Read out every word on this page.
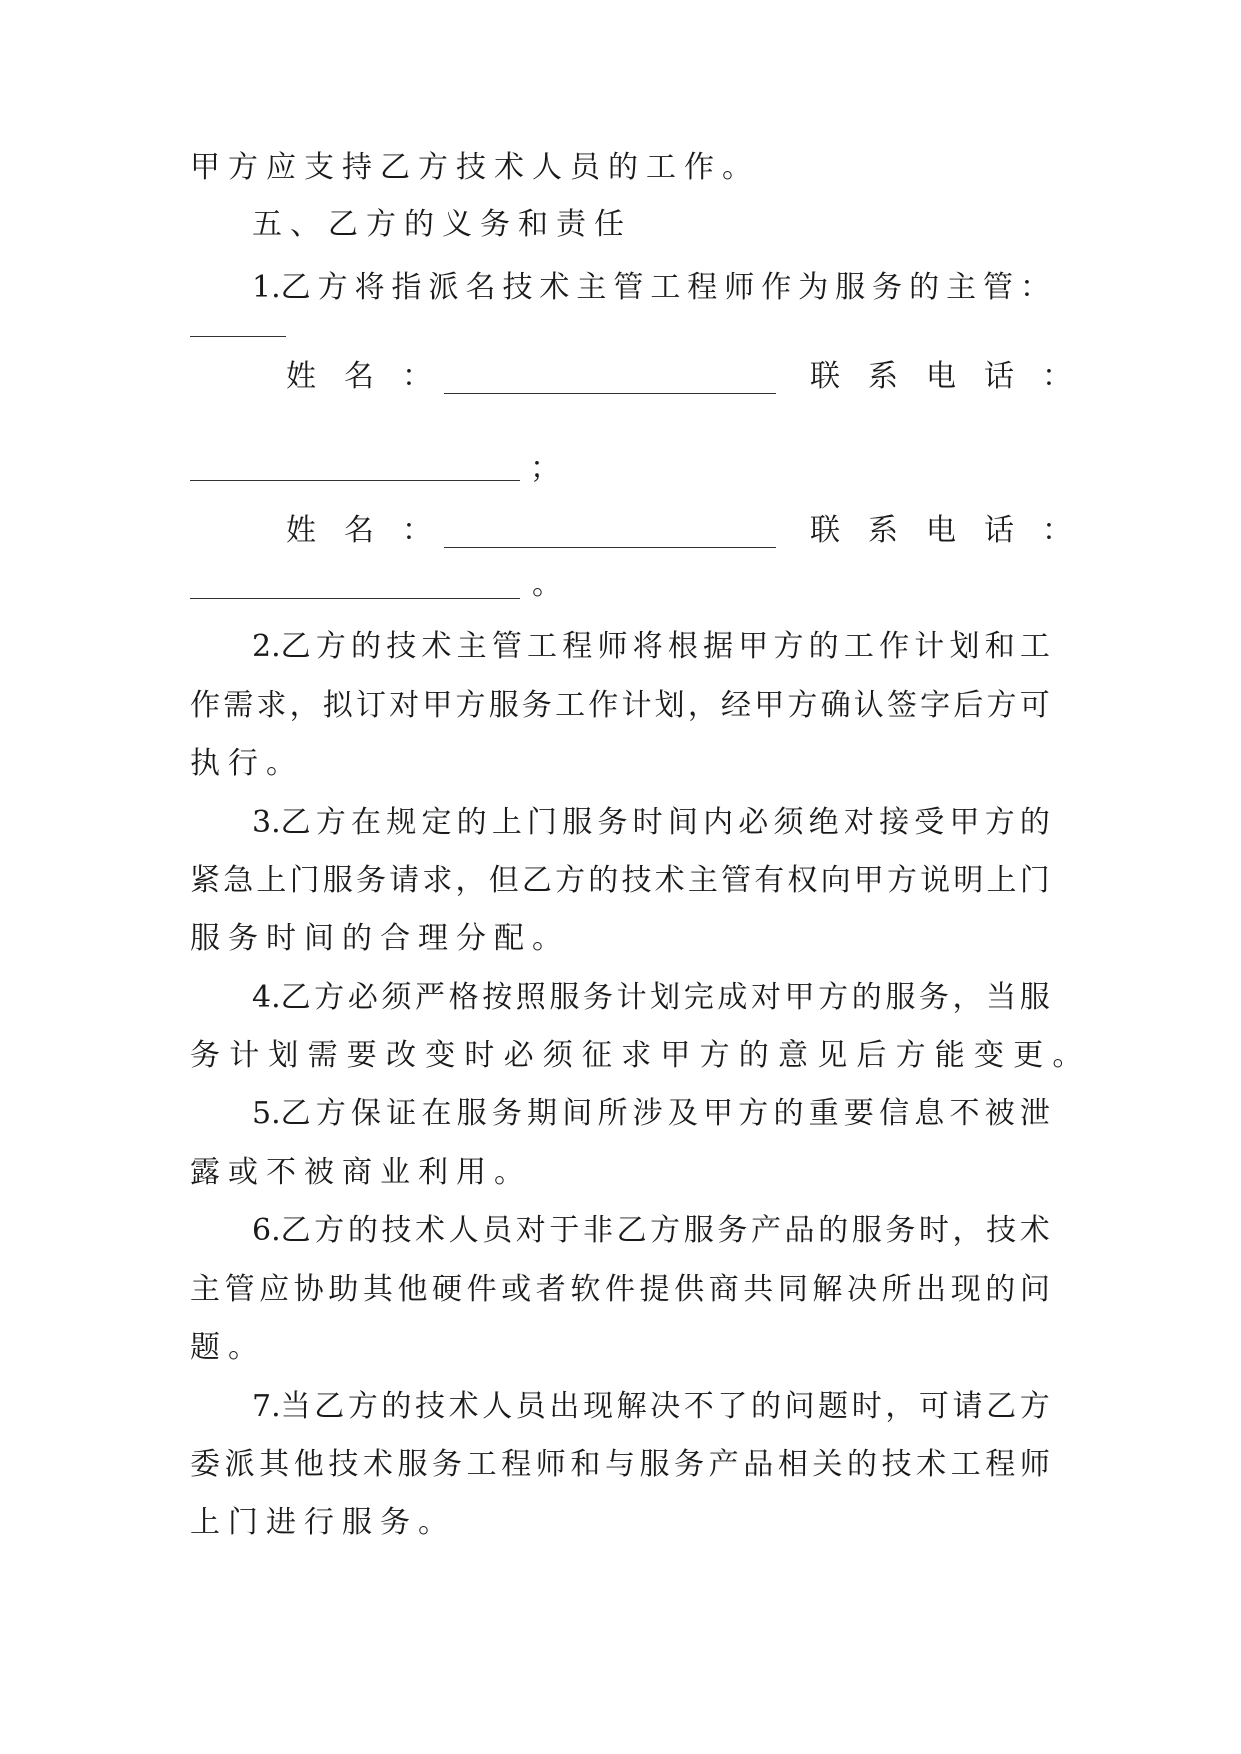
甲方应支持乙方技术人员的工作。
五、乙方的义务和责任
1.乙 方 将 指 派 名 技 术 主 管 工 程 师 作 为 服 务 的 主 管 ：
姓名：	联系电话：
；
姓名：	联系电话：
。
2.乙 方 的 技 术 主 管 工 程 师 将 根 据 甲 方 的 工 作 计 划 和 工
作 需 求 ， 拟 订 对 甲 方 服 务 工 作 计 划 ， 经 甲 方 确 认 签 字 后 方 可
执行。
3.乙 方 在 规 定 的 上 门 服 务 时 间 内 必 须 绝 对 接 受 甲 方 的
紧 急 上 门 服 务 请 求 ， 但 乙 方 的 技 术 主 管 有 权 向 甲 方 说 明 上 门
服务时间的合理分配。
4.乙 方 必 须 严 格 按 照 服 务 计 划 完 成 对 甲 方 的 服 务 ， 当 服
务计划需要改变时必须征求甲方的意见后方能变更。
5.乙 方 保 证 在 服 务 期 间 所 涉 及 甲 方 的 重 要 信 息 不 被 泄
露或不被商业利用。
6.乙 方 的 技 术 人 员 对 于 非 乙 方 服 务 产 品 的 服 务 时 ， 技 术
主 管 应 协 助 其 他 硬 件 或 者 软 件 提 供 商 共 同 解 决 所 出 现 的 问
题。
7.当 乙 方 的 技 术 人 员 出 现 解 决 不 了 的 问 题 时 ， 可 请 乙 方
委 派 其 他 技 术 服 务 工 程 师 和 与 服 务 产 品 相 关 的 技 术 工 程 师
上门进行服务。
